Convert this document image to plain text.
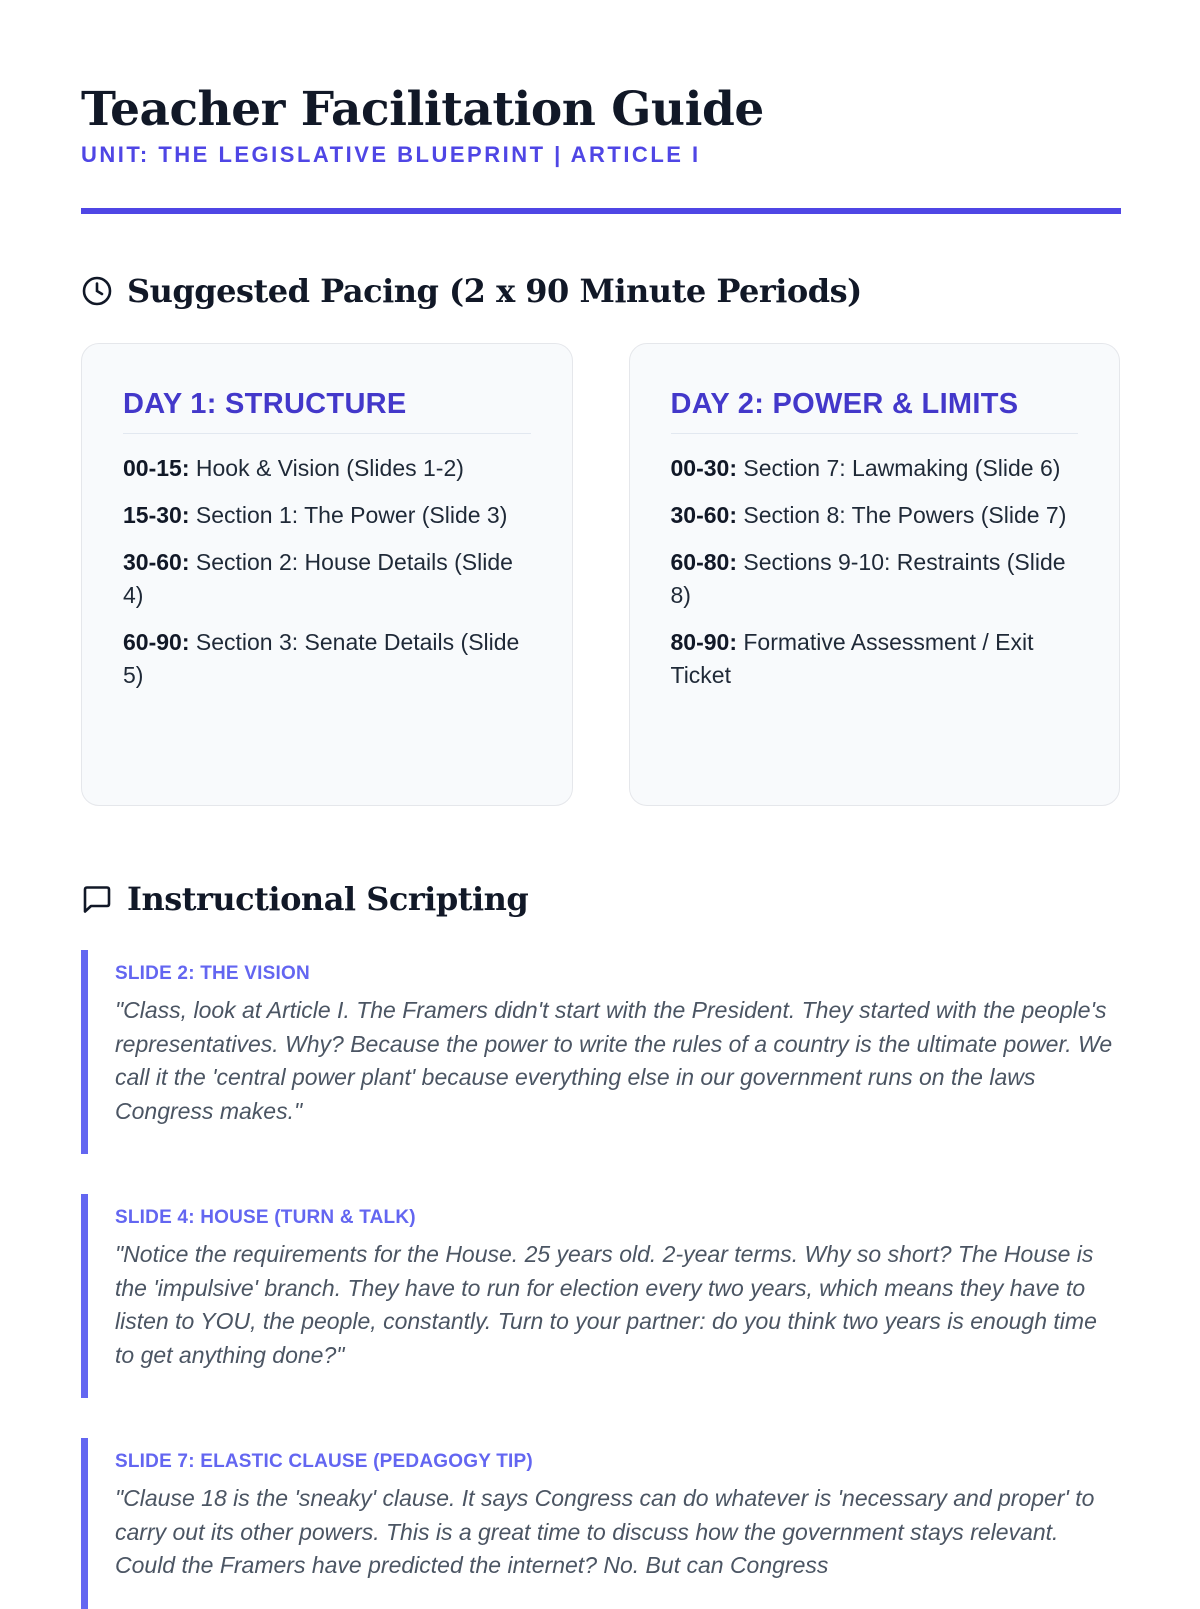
Teacher Facilitation Guide
UNIT: THE LEGISLATIVE BLUEPRINT | ARTICLE I
Suggested Pacing (2 x 90 Minute Periods)
DAY 1: STRUCTURE
00-15: Hook & Vision (Slides 1-2)
15-30: Section 1: The Power (Slide 3)
30-60: Section 2: House Details (Slide 4)
60-90: Section 3: Senate Details (Slide 5)
DAY 2: POWER & LIMITS
00-30: Section 7: Lawmaking (Slide 6)
30-60: Section 8: The Powers (Slide 7)
60-80: Sections 9-10: Restraints (Slide 8)
80-90: Formative Assessment / Exit Ticket
Instructional Scripting
SLIDE 2: THE VISION
"Class, look at Article I. The Framers didn't start with the President. They started with the people's representatives. Why? Because the power to write the rules of a country is the ultimate power. We call it the 'central power plant' because everything else in our government runs on the laws Congress makes."
SLIDE 4: HOUSE (TURN & TALK)
"Notice the requirements for the House. 25 years old. 2-year terms. Why so short? The House is the 'impulsive' branch. They have to run for election every two years, which means they have to listen to YOU, the people, constantly. Turn to your partner: do you think two years is enough time to get anything done?"
SLIDE 7: ELASTIC CLAUSE (PEDAGOGY TIP)
"Clause 18 is the 'sneaky' clause. It says Congress can do whatever is 'necessary and proper' to carry out its other powers. This is a great time to discuss how the government stays relevant. Could the Framers have predicted the internet? No. But can Congress
